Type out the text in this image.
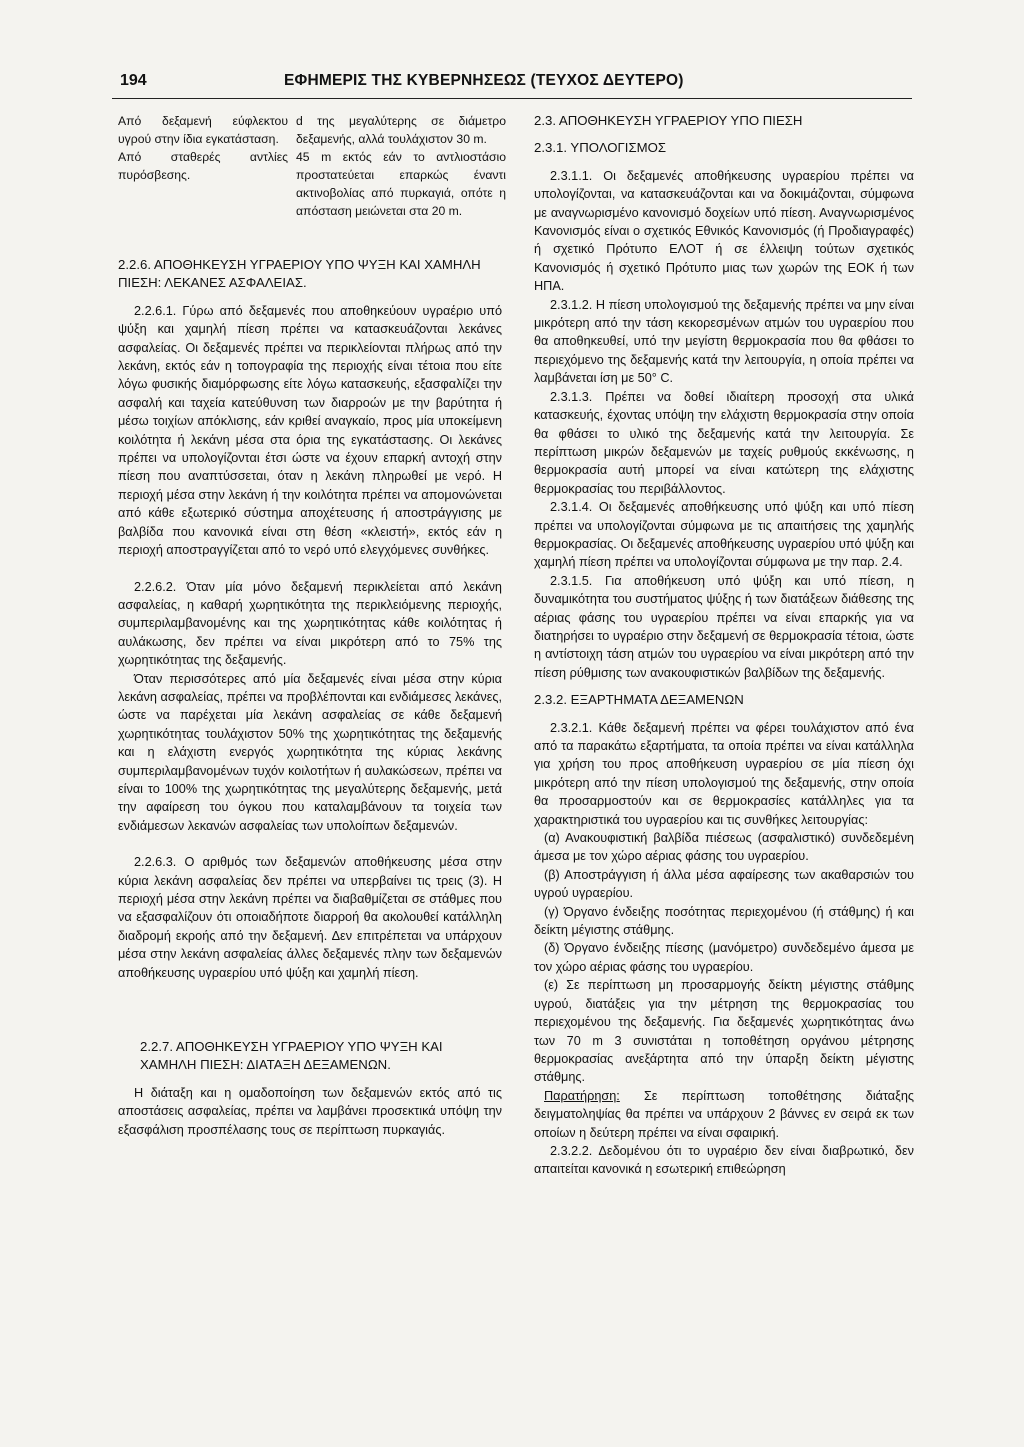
194	ΕΦΗΜΕΡΙΣ ΤΗΣ ΚΥΒΕΡΝΗΣΕΩΣ (ΤΕΥΧΟΣ ΔΕΥΤΕΡΟ)
Από δεξαμενή εύφλεκτου υγρού στην ίδια εγκατάσταση.
d της μεγαλύτερης σε διάμετρο δεξαμενής, αλλά τουλάχιστον 30 m.
Από σταθερές αντλίες πυρόσβεσης.
45 m εκτός εάν το αντλιοστάσιο προστατεύεται επαρκώς έναντι ακτινοβολίας από πυρκαγιά, οπότε η απόσταση μειώνεται στα 20 m.

2.2.6. ΑΠΟΘΗΚΕΥΣΗ ΥΓΡΑΕΡΙΟΥ ΥΠΟ ΨΥΞΗ ΚΑΙ ΧΑΜΗΛΗ ΠΙΕΣΗ: ΛΕΚΑΝΕΣ ΑΣΦΑΛΕΙΑΣ.

2.2.6.1. Γύρω από δεξαμενές που αποθηκεύουν υγραέριο υπό ψύξη και χαμηλή πίεση πρέπει να κατασκευάζονται λεκάνες ασφαλείας. Οι δεξαμενές πρέπει να περικλείονται πλήρως από την λεκάνη, εκτός εάν η τοπογραφία της περιοχής είναι τέτοια που είτε λόγω φυσικής διαμόρφωσης είτε λόγω κατασκευής, εξασφαλίζει την ασφαλή και ταχεία κατεύθυνση των διαρροών με την βαρύτητα ή μέσω τοιχίων απόκλισης, εάν κριθεί αναγκαίο, προς μία υποκείμενη κοιλότητα ή λεκάνη μέσα στα όρια της εγκατάστασης. Οι λεκάνες πρέπει να υπολογίζονται έτσι ώστε να έχουν επαρκή αντοχή στην πίεση που αναπτύσσεται, όταν η λεκάνη πληρωθεί με νερό. Η περιοχή μέσα στην λεκάνη ή την κοιλότητα πρέπει να απομονώνεται από κάθε εξωτερικό σύστημα αποχέτευσης ή αποστράγγισης με βαλβίδα που κανονικά είναι στη θέση «κλειστή», εκτός εάν η περιοχή αποστραγγίζεται από το νερό υπό ελεγχόμενες συνθήκες.

2.2.6.2. Όταν μία μόνο δεξαμενή περικλείεται από λεκάνη ασφαλείας, η καθαρή χωρητικότητα της περικλειόμενης περιοχής, συμπεριλαμβανομένης και της χωρητικότητας κάθε κοιλότητας ή αυλάκωσης, δεν πρέπει να είναι μικρότερη από το 75% της χωρητικότητας της δεξαμενής.

Όταν περισσότερες από μία δεξαμενές είναι μέσα στην κύρια λεκάνη ασφαλείας, πρέπει να προβλέπονται και ενδιάμεσες λεκάνες, ώστε να παρέχεται μία λεκάνη ασφαλείας σε κάθε δεξαμενή χωρητικότητας τουλάχιστον 50% της χωρητικότητας της δεξαμενής και η ελάχιστη ενεργός χωρητικότητα της κύριας λεκάνης συμπεριλαμβανομένων τυχόν κοιλοτήτων ή αυλακώσεων, πρέπει να είναι το 100% της χωρητικότητας της μεγαλύτερης δεξαμενής, μετά την αφαίρεση του όγκου που καταλαμβάνουν τα τοιχεία των ενδιάμεσων λεκανών ασφαλείας των υπολοίπων δεξαμενών.

2.2.6.3. Ο αριθμός των δεξαμενών αποθήκευσης μέσα στην κύρια λεκάνη ασφαλείας δεν πρέπει να υπερβαίνει τις τρεις (3). Η περιοχή μέσα στην λεκάνη πρέπει να διαβαθμίζεται σε στάθμες που να εξασφαλίζουν ότι οποιαδήποτε διαρροή θα ακολουθεί κατάλληλη διαδρομή εκροής από την δεξαμενή. Δεν επιτρέπεται να υπάρχουν μέσα στην λεκάνη ασφαλείας άλλες δεξαμενές πλην των δεξαμενών αποθήκευσης υγραερίου υπό ψύξη και χαμηλή πίεση.

2.2.7. ΑΠΟΘΗΚΕΥΣΗ ΥΓΡΑΕΡΙΟΥ ΥΠΟ ΨΥΞΗ ΚΑΙ ΧΑΜΗΛΗ ΠΙΕΣΗ: ΔΙΑΤΑΞΗ ΔΕΞΑΜΕΝΩΝ.

Η διάταξη και η ομαδοποίηση των δεξαμενών εκτός από τις αποστάσεις ασφαλείας, πρέπει να λαμβάνει προσεκτικά υπόψη την εξασφάλιση προσπέλασης τους σε περίπτωση πυρκαγιάς.

2.3. ΑΠΟΘΗΚΕΥΣΗ ΥΓΡΑΕΡΙΟΥ ΥΠΟ ΠΙΕΣΗ

2.3.1. ΥΠΟΛΟΓΙΣΜΟΣ

2.3.1.1. Οι δεξαμενές αποθήκευσης υγραερίου πρέπει να υπολογίζονται, να κατασκευάζονται και να δοκιμάζονται, σύμφωνα με αναγνωρισμένο κανονισμό δοχείων υπό πίεση. Αναγνωρισμένος Κανονισμός είναι ο σχετικός Εθνικός Κανονισμός (ή Προδιαγραφές) ή σχετικό Πρότυπο ΕΛΟΤ ή σε έλλειψη τούτων σχετικός Κανονισμός ή σχετικό Πρότυπο μιας των χωρών της ΕΟΚ ή των ΗΠΑ.

2.3.1.2. Η πίεση υπολογισμού της δεξαμενής πρέπει να μην είναι μικρότερη από την τάση κεκορεσμένων ατμών του υγραερίου που θα αποθηκευθεί, υπό την μεγίστη θερμοκρασία που θα φθάσει το περιεχόμενο της δεξαμενής κατά την λειτουργία, η οποία πρέπει να λαμβάνεται ίση με 50° C.

2.3.1.3. Πρέπει να δοθεί ιδιαίτερη προσοχή στα υλικά κατασκευής, έχοντας υπόψη την ελάχιστη θερμοκρασία στην οποία θα φθάσει το υλικό της δεξαμενής κατά την λειτουργία. Σε περίπτωση μικρών δεξαμενών με ταχείς ρυθμούς εκκένωσης, η θερμοκρασία αυτή μπορεί να είναι κατώτερη της ελάχιστης θερμοκρασίας του περιβάλλοντος.

2.3.1.4. Οι δεξαμενές αποθήκευσης υπό ψύξη και υπό πίεση πρέπει να υπολογίζονται σύμφωνα με τις απαιτήσεις της χαμηλής θερμοκρασίας. Οι δεξαμενές αποθήκευσης υγραερίου υπό ψύξη και χαμηλή πίεση πρέπει να υπολογίζονται σύμφωνα με την παρ. 2.4.

2.3.1.5. Για αποθήκευση υπό ψύξη και υπό πίεση, η δυναμικότητα του συστήματος ψύξης ή των διατάξεων διάθεσης της αέριας φάσης του υγραερίου πρέπει να είναι επαρκής για να διατηρήσει το υγραέριο στην δεξαμενή σε θερμοκρασία τέτοια, ώστε η αντίστοιχη τάση ατμών του υγραερίου να είναι μικρότερη από την πίεση ρύθμισης των ανακουφιστικών βαλβίδων της δεξαμενής.

2.3.2. ΕΞΑΡΤΗΜΑΤΑ ΔΕΞΑΜΕΝΩΝ

2.3.2.1. Κάθε δεξαμενή πρέπει να φέρει τουλάχιστον από ένα από τα παρακάτω εξαρτήματα, τα οποία πρέπει να είναι κατάλληλα για χρήση του προς αποθήκευση υγραερίου σε μία πίεση όχι μικρότερη από την πίεση υπολογισμού της δεξαμενής, στην οποία θα προσαρμοστούν και σε θερμοκρασίες κατάλληλες για τα χαρακτηριστικά του υγραερίου και τις συνθήκες λειτουργίας:

(α) Ανακουφιστική βαλβίδα πιέσεως (ασφαλιστικό) συνδεδεμένη άμεσα με τον χώρο αέριας φάσης του υγραερίου.

(β) Αποστράγγιση ή άλλα μέσα αφαίρεσης των ακαθαρσιών του υγρού υγραερίου.

(γ) Όργανο ένδειξης ποσότητας περιεχομένου (ή στάθμης) ή και δείκτη μέγιστης στάθμης.

(δ) Όργανο ένδειξης πίεσης (μανόμετρο) συνδεδεμένο άμεσα με τον χώρο αέριας φάσης του υγραερίου.

(ε) Σε περίπτωση μη προσαρμογής δείκτη μέγιστης στάθμης υγρού, διατάξεις για την μέτρηση της θερμοκρασίας του περιεχομένου της δεξαμενής. Για δεξαμενές χωρητικότητας άνω των 70 m 3 συνιστάται η τοποθέτηση οργάνου μέτρησης θερμοκρασίας ανεξάρτητα από την ύπαρξη δείκτη μέγιστης στάθμης.

Παρατήρηση: Σε περίπτωση τοποθέτησης διάταξης δειγματοληψίας θα πρέπει να υπάρχουν 2 βάννες εν σειρά εκ των οποίων η δεύτερη πρέπει να είναι σφαιρική.

2.3.2.2. Δεδομένου ότι το υγραέριο δεν είναι διαβρωτικό, δεν απαιτείται κανονικά η εσωτερική επιθεώρηση
